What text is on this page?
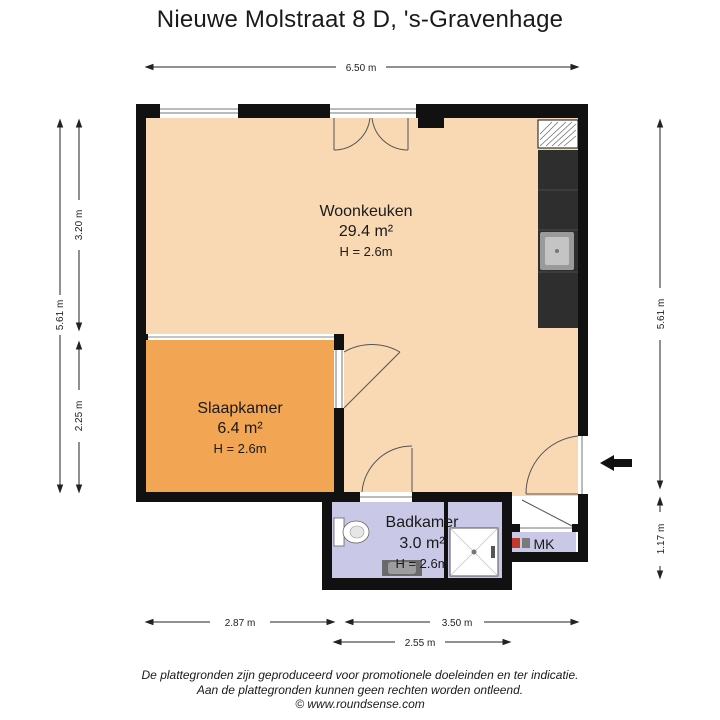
Nieuwe Molstraat 8 D, 's-Gravenhage
Woonkeuken
29.4 m²
H = 2.6m
Slaapkamer
6.4 m²
H = 2.6m
Badkamer
3.0 m²
H = 2.6m
MK
6.50 m
5.61 m
3.20 m
2.25 m
5.61 m
1.17 m
2.87 m	3.50 m
2.55 m
De plattegronden zijn geproduceerd voor promotionele doeleinden en ter indicatie.
Aan de plattegronden kunnen geen rechten worden ontleend.
© www.roundsense.com
